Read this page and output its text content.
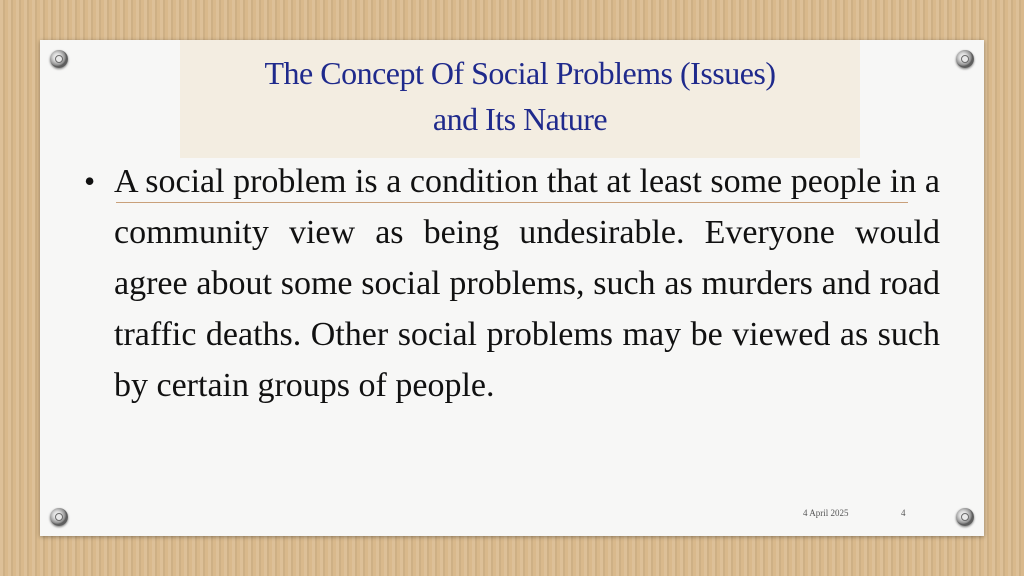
The Concept Of Social Problems (Issues)
and Its Nature
• A social problem is a condition that at least some people in a community view as being undesirable. Everyone would agree about some social problems, such as murders and road traffic deaths. Other social problems may be viewed as such by certain groups of people.

4 April 2025	4
